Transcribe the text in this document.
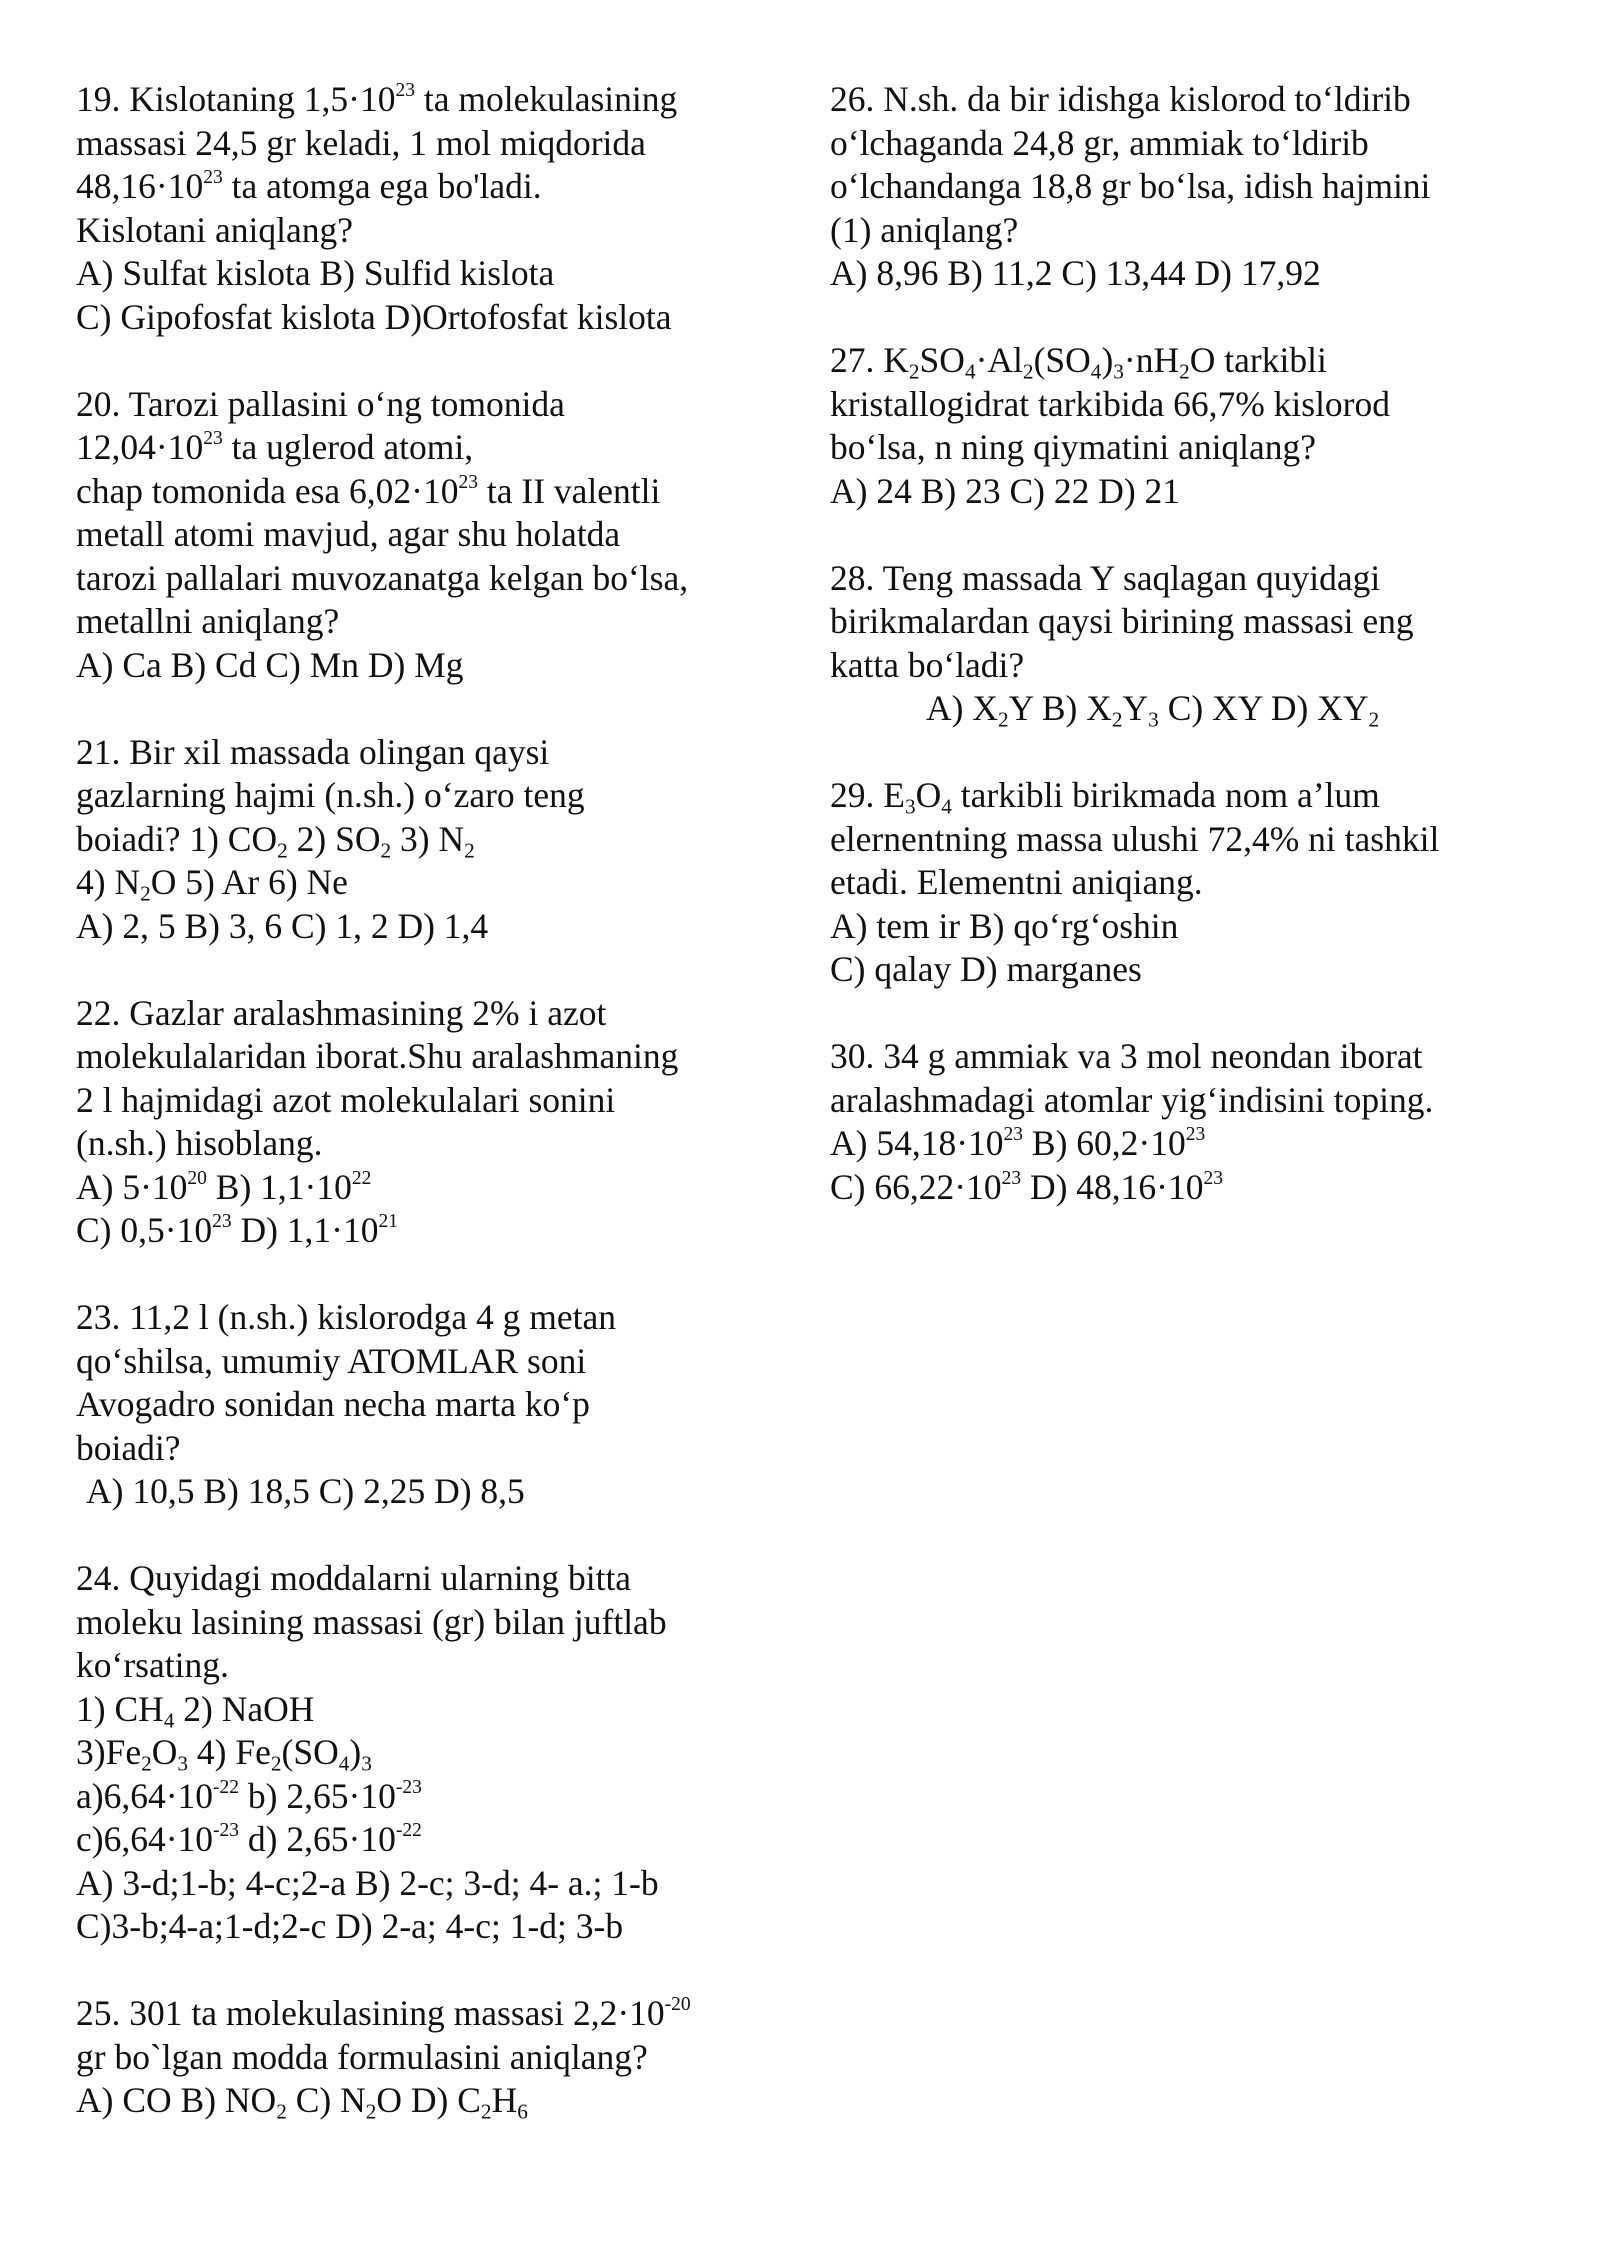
19. Kislotaning $1,5\cdot 10^{23}$ ta molekulasining
massasi 24,5 gr keladi, 1 mol miqdorida
$48,16\cdot 10^{23}$ ta atomga ega bo'ladi.
Kislotani aniqlang?
A) Sulfat kislota B) Sulfid kislota
C) Gipofosfat kislota D)Ortofosfat kislota
20. Tarozi pallasini o‘ng tomonida
$12,04\cdot 10^{23}$ ta uglerod atomi,
chap tomonida esa $6,02\cdot 10^{23}$ ta II valentli
metall atomi mavjud, agar shu holatda
tarozi pallalari muvozanatga kelgan bo‘lsa,
metallni aniqlang?
A) Ca B) Cd C) Mn D) Mg
21. Bir xil massada olingan qaysi
gazlarning hajmi (n.sh.) o‘zaro teng
boiadi? 1) $CO_2$ 2) $SO_2$ 3) $N_2$
4) $N_2O$ 5) Ar 6) Ne
A) 2, 5 B) 3, 6 C) 1, 2 D) 1,4
22. Gazlar aralashmasining 2% i azot
molekulalaridan iborat.Shu aralashmaning
2 l hajmidagi azot molekulalari sonini
(n.sh.) hisoblang.
A) $5\cdot 10^{20}$ B) $1,1\cdot 10^{22}$
C) $0,5\cdot 10^{23}$ D) $1,1\cdot 10^{21}$
23. 11,2 l (n.sh.) kislorodga 4 g metan
qo‘shilsa, umumiy ATOMLAR soni
Avogadro sonidan necha marta ko‘p
boiadi?
A) 10,5 B) 18,5 C) 2,25 D) 8,5
24. Quyidagi moddalarni ularning bitta
moleku lasining massasi (gr) bilan juftlab
ko‘rsating.
1) $CH_4$ 2) NaOH
$3)Fe_2O_3$ 4) $Fe_2(SO_4)_3$
$a)6,64\cdot 10^{-22}$ b) $2,65\cdot 10^{-23}$
$c)6,64\cdot 10^{-23}$ d) $2,65\cdot 10^{-22}$
A) 3-d;1-b; 4-c;2-a B) 2-c; 3-d; 4- a.; 1-b
C)3-b;4-a;1-d;2-c D) 2-a; 4-c; 1-d; 3-b
25. 301 ta molekulasining massasi $2,2\cdot 10^{-20}$
gr bo`lgan modda formulasini aniqlang?
A) CO B) $NO_2$ C) $N_2O$ D) $C_2H_6$
26. N.sh. da bir idishga kislorod to‘ldirib
o‘lchaganda 24,8 gr, ammiak to‘ldirib
o‘lchandanga 18,8 gr bo‘lsa, idish hajmini
(1) aniqlang?
A) 8,96 B) 11,2 C) 13,44 D) 17,92
27. $K_2SO_4\cdot Al_2(SO_4)_3\cdot nH_2O$ tarkibli
kristallogidrat tarkibida 66,7% kislorod
bo‘lsa, n ning qiymatini aniqlang?
A) 24 B) 23 C) 22 D) 21
28. Teng massada Y saqlagan quyidagi
birikmalardan qaysi birining massasi eng
katta bo‘ladi?
A) $X_2Y$ B) $X_2Y_3$ C) XY D) $XY_2$
29. $E_3O_4$ tarkibli birikmada nom a’lum
elernentning massa ulushi 72,4% ni tashkil
etadi. Elementni aniqiang.
A) tem ir B) qo‘rg‘oshin
C) qalay D) marganes
30. 34 g ammiak va 3 mol neondan iborat
aralashmadagi atomlar yig‘indisini toping.
A) $54,18\cdot 10^{23}$ B) $60,2\cdot 10^{23}$
C) $66,22\cdot 10^{23}$ D) $48,16\cdot 10^{23}$
